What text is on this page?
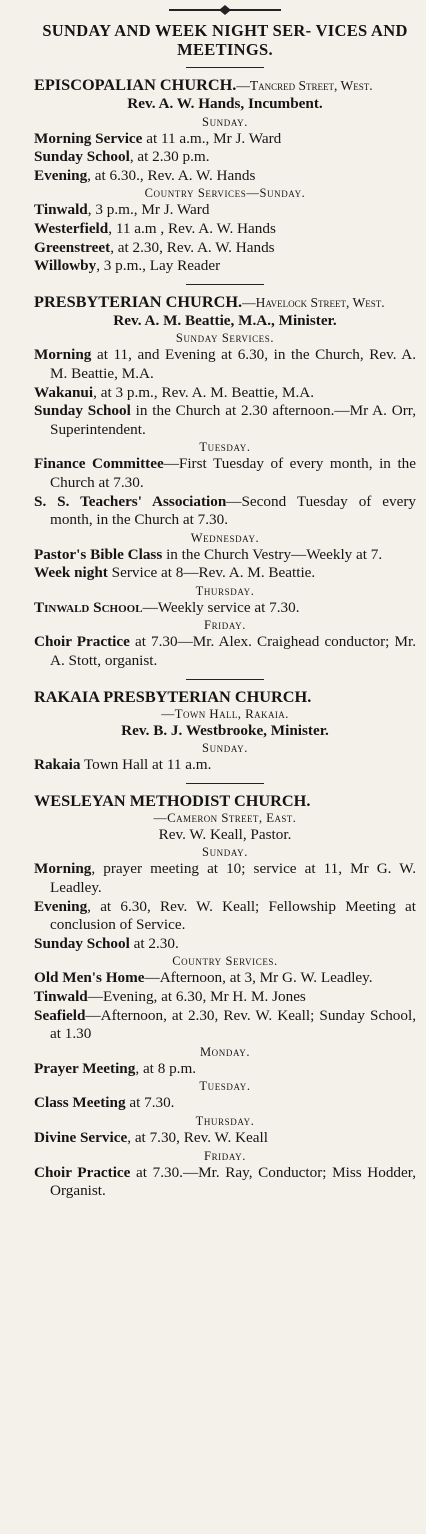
SUNDAY AND WEEK NIGHT SER- VICES AND MEETINGS.
EPISCOPALIAN CHURCH.—Tancred Street, West.
Rev. A. W. Hands, Incumbent.
Sunday.
Morning Service at 11 a.m., Mr J. Ward
Sunday School, at 2.30 p.m.
Evening, at 6.30., Rev. A. W. Hands
Country Services—Sunday.
Tinwald, 3 p.m., Mr J. Ward
Westerfield, 11 a.m , Rev. A. W. Hands
Greenstreet, at 2.30, Rev. A. W. Hands
Willowby, 3 p.m., Lay Reader
PRESBYTERIAN CHURCH.—Havelock Street, West.
Rev. A. M. Beattie, M.A., Minister.
Sunday Services.
Morning at 11, and Evening at 6.30, in the Church, Rev. A. M. Beattie, M.A.
Wakanui, at 3 p.m., Rev. A. M. Beattie, M.A.
Sunday School in the Church at 2.30 afternoon.—Mr A. Orr, Superintendent.
Tuesday.
Finance Committee—First Tuesday of every month, in the Church at 7.30.
S. S. Teachers' Association—Second Tuesday of every month, in the Church at 7.30.
Wednesday.
Pastor's Bible Class in the Church Vestry—Weekly at 7.
Week night Service at 8—Rev. A. M. Beattie.
Thursday.
Tinwald School—Weekly service at 7.30.
Friday.
Choir Practice at 7.30—Mr. Alex. Craighead conductor; Mr. A. Stott, organist.
RAKAIA PRESBYTERIAN CHURCH.
—Town Hall, Rakaia.
Rev. B. J. Westbrooke, Minister.
Sunday.
Rakaia Town Hall at 11 a.m.
WESLEYAN METHODIST CHURCH.
—Cameron Street, East.
Rev. W. Keall, Pastor.
Sunday.
Morning, prayer meeting at 10; service at 11, Mr G. W. Leadley.
Evening, at 6.30, Rev. W. Keall; Fellowship Meeting at conclusion of Service.
Sunday School at 2.30.
Country Services.
Old Men's Home—Afternoon, at 3, Mr G. W. Leadley.
Tinwald—Evening, at 6.30, Mr H. M. Jones
Seafield—Afternoon, at 2.30, Rev. W. Keall; Sunday School, at 1.30
Monday.
Prayer Meeting, at 8 p.m.
Tuesday.
Class Meeting at 7.30.
Thursday.
Divine Service, at 7.30, Rev. W. Keall
Friday.
Choir Practice at 7.30.—Mr. Ray, Conductor; Miss Hodder, Organist.
